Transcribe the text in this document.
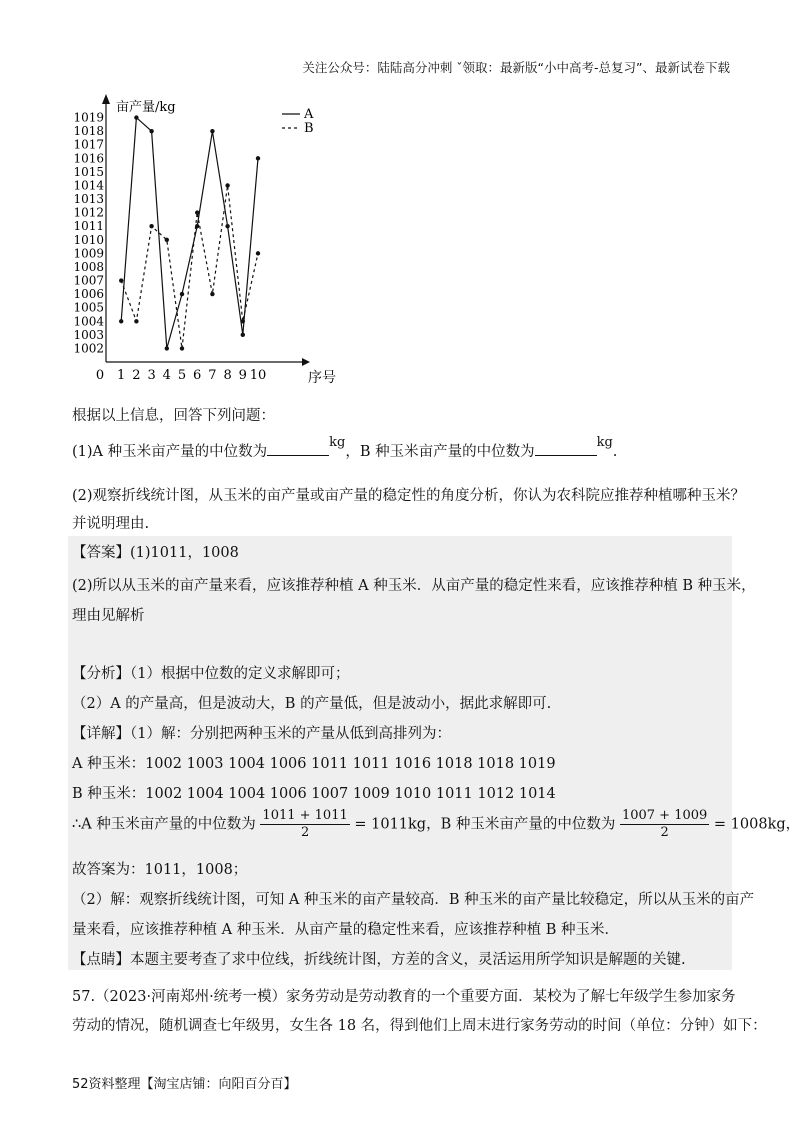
关注公众号：陆陆高分冲刺 ˇ领取：最新版“小中高考-总复习”、最新试卷下载
1002
1003
1004
1005
1006
1007
1008
1009
1010
1011
1012
1013
1014
1015
1016
1017
1018
1019
0 1 2 3 4 5 6 7 8 9 10
亩产量/kg
序号
A
B
根据以上信息，回答下列问题：
(1)A 种玉米亩产量的中位数为kg，B 种玉米亩产量的中位数为kg.
(2)观察折线统计图，从玉米的亩产量或亩产量的稳定性的角度分析，你认为农科院应推荐种植哪种玉米？
并说明理由.
【答案】(1)1011，1008
(2)所以从玉米的亩产量来看，应该推荐种植 A 种玉米．从亩产量的稳定性来看，应该推荐种植 B 种玉米，
理由见解析
【分析】（1）根据中位数的定义求解即可；
（2）A 的产量高，但是波动大，B 的产量低，但是波动小，据此求解即可.
【详解】（1）解：分别把两种玉米的产量从低到高排列为：
A 种玉米：1002 1003 1004 1006 1011 1011 1016 1018 1018 1019
B 种玉米：1002 1004 1004 1006 1007 1009 1010 1011 1012 1014
∴A 种玉米亩产量的中位数为 $\frac{1011 + 1011}{2} = 1011kg$，B 种玉米亩产量的中位数为 $\frac{1007 + 1009}{2} = 1008kg$，
故答案为：1011，1008；
（2）解：观察折线统计图，可知 A 种玉米的亩产量较高．B 种玉米的亩产量比较稳定，所以从玉米的亩产
量来看，应该推荐种植 A 种玉米．从亩产量的稳定性来看，应该推荐种植 B 种玉米．
【点睛】本题主要考查了求中位线，折线统计图，方差的含义，灵活运用所学知识是解题的关键.
57.（2023·河南郑州·统考一模）家务劳动是劳动教育的一个重要方面．某校为了解七年级学生参加家务
劳动的情况，随机调查七年级男，女生各 18 名，得到他们上周末进行家务劳动的时间（单位：分钟）如下：
52资料整理【淘宝店铺：向阳百分百】
